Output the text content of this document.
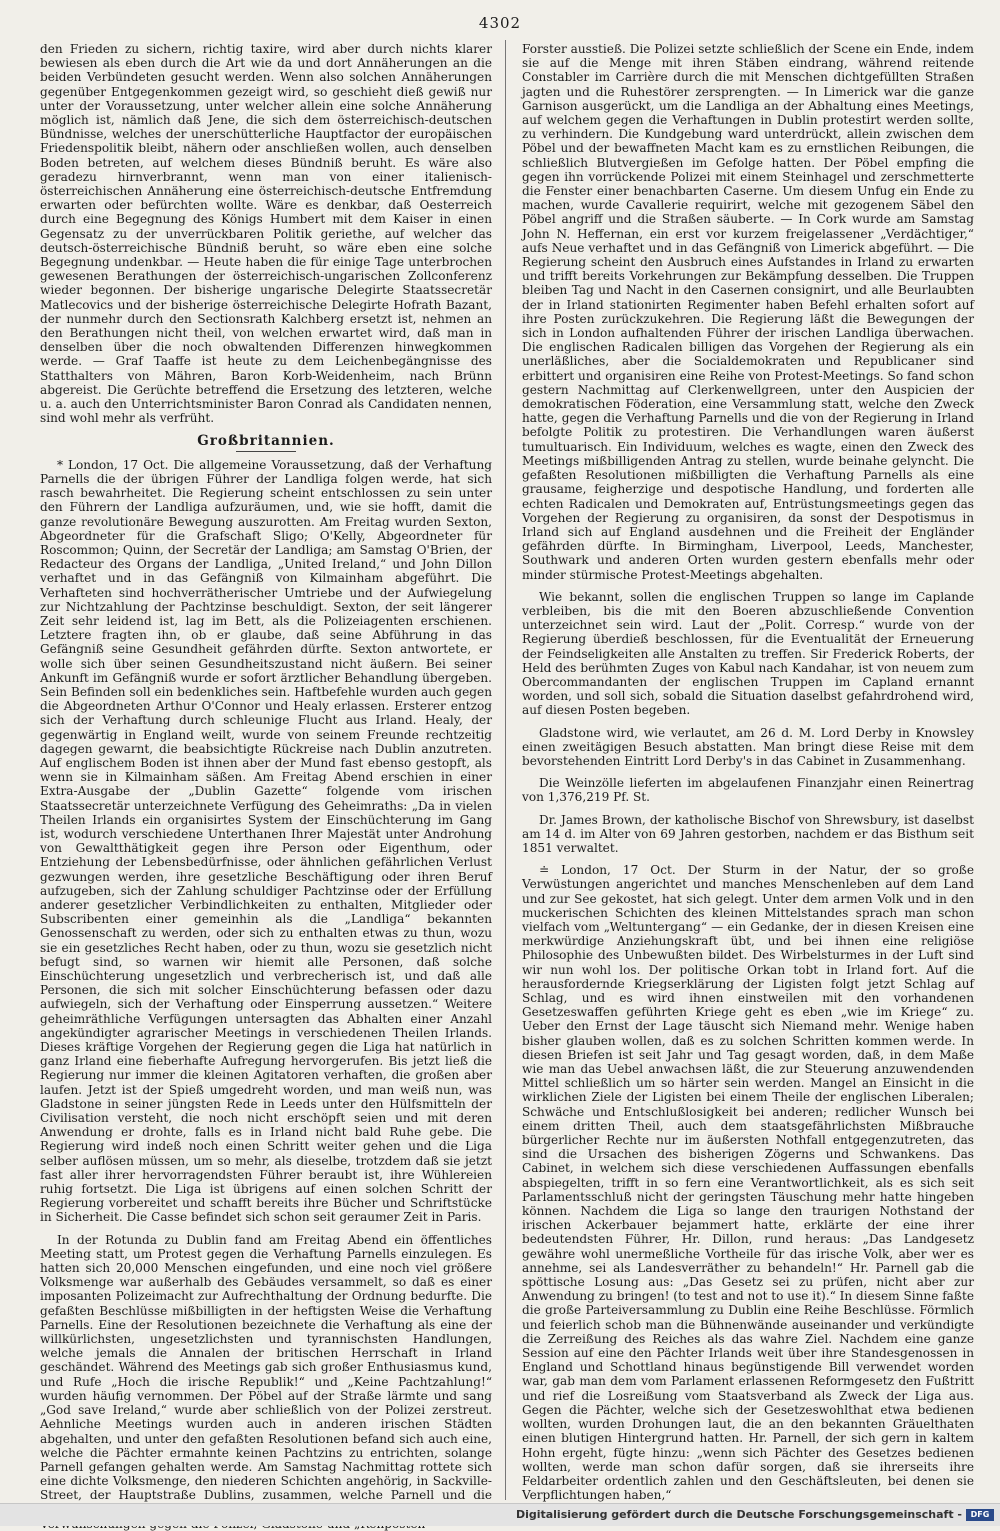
4302

den Frieden zu sichern, richtig taxire, wird aber durch nichts klarer bewiesen als eben durch die Art wie da und dort Annäherungen an die beiden Verbündeten gesucht werden. Wenn also solchen Annäherungen gegenüber Entgegenkommen gezeigt wird, so geschieht dieß gewiß nur unter der Voraussetzung, unter welcher allein eine solche Annäherung möglich ist, nämlich daß Jene, die sich dem österreichisch-deutschen Bündnisse, welches der unerschütterliche Hauptfactor der europäischen Friedenspolitik bleibt, nähern oder anschließen wollen, auch denselben Boden betreten, auf welchem dieses Bündniß beruht. Es wäre also geradezu hirnverbrannt, wenn man von einer italienisch-österreichischen Annäherung eine österreichisch-deutsche Entfremdung erwarten oder befürchten wollte. Wäre es denkbar, daß Oesterreich durch eine Begegnung des Königs Humbert mit dem Kaiser in einen Gegensatz zu der unverrückbaren Politik geriethe, auf welcher das deutsch-österreichische Bündniß beruht, so wäre eben eine solche Begegnung undenkbar. — Heute haben die für einige Tage unterbrochen gewesenen Berathungen der österreichisch-ungarischen Zollconferenz wieder begonnen. Der bisherige ungarische Delegirte Staatssecretär Matlecovics und der bisherige österreichische Delegirte Hofrath Bazant, der nunmehr durch den Sectionsrath Kalchberg ersetzt ist, nehmen an den Berathungen nicht theil, von welchen erwartet wird, daß man in denselben über die noch obwaltenden Differenzen hinwegkommen werde. — Graf Taaffe ist heute zu dem Leichenbegängnisse des Statthalters von Mähren, Baron Korb-Weidenheim, nach Brünn abgereist. Die Gerüchte betreffend die Ersetzung des letzteren, welche u. a. auch den Unterrichtsminister Baron Conrad als Candidaten nennen, sind wohl mehr als verfrüht.

Großbritannien.

* London, 17 Oct. Die allgemeine Voraussetzung, daß der Verhaftung Parnells die der übrigen Führer der Landliga folgen werde, hat sich rasch bewahrheitet. Die Regierung scheint entschlossen zu sein unter den Führern der Landliga aufzuräumen, und, wie sie hofft, damit die ganze revolutionäre Bewegung auszurotten. Am Freitag wurden Sexton, Abgeordneter für die Grafschaft Sligo; O'Kelly, Abgeordneter für Roscommon; Quinn, der Secretär der Landliga; am Samstag O'Brien, der Redacteur des Organs der Landliga, „United Ireland,“ und John Dillon verhaftet und in das Gefängniß von Kilmainham abgeführt. Die Verhafteten sind hochverrätherischer Umtriebe und der Aufwiegelung zur Nichtzahlung der Pachtzinse beschuldigt. Sexton, der seit längerer Zeit sehr leidend ist, lag im Bett, als die Polizeiagenten erschienen. Letztere fragten ihn, ob er glaube, daß seine Abführung in das Gefängniß seine Gesundheit gefährden dürfte. Sexton antwortete, er wolle sich über seinen Gesundheitszustand nicht äußern. Bei seiner Ankunft im Gefängniß wurde er sofort ärztlicher Behandlung übergeben. Sein Befinden soll ein bedenkliches sein. Haftbefehle wurden auch gegen die Abgeordneten Arthur O'Connor und Healy erlassen. Ersterer entzog sich der Verhaftung durch schleunige Flucht aus Irland. Healy, der gegenwärtig in England weilt, wurde von seinem Freunde rechtzeitig dagegen gewarnt, die beabsichtigte Rückreise nach Dublin anzutreten. Auf englischem Boden ist ihnen aber der Mund fast ebenso gestopft, als wenn sie in Kilmainham säßen. Am Freitag Abend erschien in einer Extra-Ausgabe der „Dublin Gazette“ folgende vom irischen Staatssecretär unterzeichnete Verfügung des Geheimraths: „Da in vielen Theilen Irlands ein organisirtes System der Einschüchterung im Gang ist, wodurch verschiedene Unterthanen Ihrer Majestät unter Androhung von Gewaltthätigkeit gegen ihre Person oder Eigenthum, oder Entziehung der Lebensbedürfnisse, oder ähnlichen gefährlichen Verlust gezwungen werden, ihre gesetzliche Beschäftigung oder ihren Beruf aufzugeben, sich der Zahlung schuldiger Pachtzinse oder der Erfüllung anderer gesetzlicher Verbindlichkeiten zu enthalten, Mitglieder oder Subscribenten einer gemeinhin als die „Landliga“ bekannten Genossenschaft zu werden, oder sich zu enthalten etwas zu thun, wozu sie ein gesetzliches Recht haben, oder zu thun, wozu sie gesetzlich nicht befugt sind, so warnen wir hiemit alle Personen, daß solche Einschüchterung ungesetzlich und verbrecherisch ist, und daß alle Personen, die sich mit solcher Einschüchterung befassen oder dazu aufwiegeln, sich der Verhaftung oder Einsperrung aussetzen.“ Weitere geheimräthliche Verfügungen untersagten das Abhalten einer Anzahl angekündigter agrarischer Meetings in verschiedenen Theilen Irlands. Dieses kräftige Vorgehen der Regierung gegen die Liga hat natürlich in ganz Irland eine fieberhafte Aufregung hervorgerufen. Bis jetzt ließ die Regierung nur immer die kleinen Agitatoren verhaften, die großen aber laufen. Jetzt ist der Spieß umgedreht worden, und man weiß nun, was Gladstone in seiner jüngsten Rede in Leeds unter den Hülfsmitteln der Civilisation versteht, die noch nicht erschöpft seien und mit deren Anwendung er drohte, falls es in Irland nicht bald Ruhe gebe. Die Regierung wird indeß noch einen Schritt weiter gehen und die Liga selber auflösen müssen, um so mehr, als dieselbe, trotzdem daß sie jetzt fast aller ihrer hervorragendsten Führer beraubt ist, ihre Wühlereien ruhig fortsetzt. Die Liga ist übrigens auf einen solchen Schritt der Regierung vorbereitet und schafft bereits ihre Bücher und Schriftstücke in Sicherheit. Die Casse befindet sich schon seit geraumer Zeit in Paris.

In der Rotunda zu Dublin fand am Freitag Abend ein öffentliches Meeting statt, um Protest gegen die Verhaftung Parnells einzulegen. Es hatten sich 20,000 Menschen eingefunden, und eine noch viel größere Volksmenge war außerhalb des Gebäudes versammelt, so daß es einer imposanten Polizeimacht zur Aufrechthaltung der Ordnung bedurfte. Die gefaßten Beschlüsse mißbilligten in der heftigsten Weise die Verhaftung Parnells. Eine der Resolutionen bezeichnete die Verhaftung als eine der willkürlichsten, ungesetzlichsten und tyrannischsten Handlungen, welche jemals die Annalen der britischen Herrschaft in Irland geschändet. Während des Meetings gab sich großer Enthusiasmus kund, und Rufe „Hoch die irische Republik!“ und „Keine Pachtzahlung!“ wurden häufig vernommen. Der Pöbel auf der Straße lärmte und sang „God save Ireland,“ wurde aber schließlich von der Polizei zerstreut. Aehnliche Meetings wurden auch in anderen irischen Städten abgehalten, und unter den gefaßten Resolutionen befand sich auch eine, welche die Pächter ermahnte keinen Pachtzins zu entrichten, solange Parnell gefangen gehalten werde. Am Samstag Nachmittag rottete sich eine dichte Volksmenge, den niederen Schichten angehörig, in Sackville-Street, der Hauptstraße Dublins, zusammen, welche Parnell und die

Forster ausstieß. Die Polizei setzte schließlich der Scene ein Ende, indem sie auf die Menge mit ihren Stäben eindrang, während reitende Constabler im Carrière durch die mit Menschen dichtgefüllten Straßen jagten und die Ruhestörer zersprengten. — In Limerick war die ganze Garnison ausgerückt, um die Landliga an der Abhaltung eines Meetings, auf welchem gegen die Verhaftungen in Dublin protestirt werden sollte, zu verhindern. Die Kundgebung ward unterdrückt, allein zwischen dem Pöbel und der bewaffneten Macht kam es zu ernstlichen Reibungen, die schließlich Blutvergießen im Gefolge hatten. Der Pöbel empfing die gegen ihn vorrückende Polizei mit einem Steinhagel und zerschmetterte die Fenster einer benachbarten Caserne. Um diesem Unfug ein Ende zu machen, wurde Cavallerie requirirt, welche mit gezogenem Säbel den Pöbel angriff und die Straßen säuberte. — In Cork wurde am Samstag John N. Heffernan, ein erst vor kurzem freigelassener „Verdächtiger,“ aufs Neue verhaftet und in das Gefängniß von Limerick abgeführt. — Die Regierung scheint den Ausbruch eines Aufstandes in Irland zu erwarten und trifft bereits Vorkehrungen zur Bekämpfung desselben. Die Truppen bleiben Tag und Nacht in den Casernen consignirt, und alle Beurlaubten der in Irland stationirten Regimenter haben Befehl erhalten sofort auf ihre Posten zurückzukehren. Die Regierung läßt die Bewegungen der sich in London aufhaltenden Führer der irischen Landliga überwachen. Die englischen Radicalen billigen das Vorgehen der Regierung als ein unerläßliches, aber die Socialdemokraten und Republicaner sind erbittert und organisiren eine Reihe von Protest-Meetings. So fand schon gestern Nachmittag auf Clerkenwellgreen, unter den Auspicien der demokratischen Föderation, eine Versammlung statt, welche den Zweck hatte, gegen die Verhaftung Parnells und die von der Regierung in Irland befolgte Politik zu protestiren. Die Verhandlungen waren äußerst tumultuarisch. Ein Individuum, welches es wagte, einen den Zweck des Meetings mißbilligenden Antrag zu stellen, wurde beinahe gelyncht. Die gefaßten Resolutionen mißbilligten die Verhaftung Parnells als eine grausame, feigherzige und despotische Handlung, und forderten alle echten Radicalen und Demokraten auf, Entrüstungsmeetings gegen das Vorgehen der Regierung zu organisiren, da sonst der Despotismus in Irland sich auf England ausdehnen und die Freiheit der Engländer gefährden dürfte. In Birmingham, Liverpool, Leeds, Manchester, Southwark und anderen Orten wurden gestern ebenfalls mehr oder minder stürmische Protest-Meetings abgehalten.

Wie bekannt, sollen die englischen Truppen so lange im Caplande verbleiben, bis die mit den Boeren abzuschließende Convention unterzeichnet sein wird. Laut der „Polit. Corresp.“ wurde von der Regierung überdieß beschlossen, für die Eventualität der Erneuerung der Feindseligkeiten alle Anstalten zu treffen. Sir Frederick Roberts, der Held des berühmten Zuges von Kabul nach Kandahar, ist von neuem zum Obercommandanten der englischen Truppen im Capland ernannt worden, und soll sich, sobald die Situation daselbst gefahrdrohend wird, auf diesen Posten begeben.

Gladstone wird, wie verlautet, am 26 d. M. Lord Derby in Knowsley einen zweitägigen Besuch abstatten. Man bringt diese Reise mit dem bevorstehenden Eintritt Lord Derby's in das Cabinet in Zusammenhang.

Die Weinzölle lieferten im abgelaufenen Finanzjahr einen Reinertrag von 1,376,219 Pf. St.

Dr. James Brown, der katholische Bischof von Shrewsbury, ist daselbst am 14 d. im Alter von 69 Jahren gestorben, nachdem er das Bisthum seit 1851 verwaltet.

≐ London, 17 Oct. Der Sturm in der Natur, der so große Verwüstungen angerichtet und manches Menschenleben auf dem Land und zur See gekostet, hat sich gelegt. Unter dem armen Volk und in den muckerischen Schichten des kleinen Mittelstandes sprach man schon vielfach vom „Weltuntergang“ — ein Gedanke, der in diesen Kreisen eine merkwürdige Anziehungskraft übt, und bei ihnen eine religiöse Philosophie des Unbewußten bildet. Des Wirbelsturmes in der Luft sind wir nun wohl los. Der politische Orkan tobt in Irland fort. Auf die herausfordernde Kriegserklärung der Ligisten folgt jetzt Schlag auf Schlag, und es wird ihnen einstweilen mit den vorhandenen Gesetzeswaffen geführten Kriege geht es eben „wie im Kriege“ zu. Ueber den Ernst der Lage täuscht sich Niemand mehr. Wenige haben bisher glauben wollen, daß es zu solchen Schritten kommen werde. In diesen Briefen ist seit Jahr und Tag gesagt worden, daß, in dem Maße wie man das Uebel anwachsen läßt, die zur Steuerung anzuwendenden Mittel schließlich um so härter sein werden. Mangel an Einsicht in die wirklichen Ziele der Ligisten bei einem Theile der englischen Liberalen; Schwäche und Entschlußlosigkeit bei anderen; redlicher Wunsch bei einem dritten Theil, auch dem staatsgefährlichsten Mißbrauche bürgerlicher Rechte nur im äußersten Nothfall entgegenzutreten, das sind die Ursachen des bisherigen Zögerns und Schwankens. Das Cabinet, in welchem sich diese verschiedenen Auffassungen ebenfalls abspiegelten, trifft in so fern eine Verantwortlichkeit, als es sich seit Parlamentsschluß nicht der geringsten Täuschung mehr hatte hingeben können. Nachdem die Liga so lange den traurigen Nothstand der irischen Ackerbauer bejammert hatte, erklärte der eine ihrer bedeutendsten Führer, Hr. Dillon, rund heraus: „Das Landgesetz gewähre wohl unermeßliche Vortheile für das irische Volk, aber wer es annehme, sei als Landesverräther zu behandeln!“ Hr. Parnell gab die spöttische Losung aus: „Das Gesetz sei zu prüfen, nicht aber zur Anwendung zu bringen! (to test and not to use it).“ In diesem Sinne faßte die große Parteiversammlung zu Dublin eine Reihe Beschlüsse. Förmlich und feierlich schob man die Bühnenwände auseinander und verkündigte die Zerreißung des Reiches als das wahre Ziel. Nachdem eine ganze Session auf eine den Pächter Irlands weit über ihre Standesgenossen in England und Schottland hinaus begünstigende Bill verwendet worden war, gab man dem vom Parlament erlassenen Reformgesetz den Fußtritt und rief die Losreißung vom Staatsverband als Zweck der Liga aus. Gegen die Pächter, welche sich der Gesetzeswohlthat etwa bedienen wollten, wurden Drohungen laut, die an den bekannten Gräuelthaten einen blutigen Hintergrund hatten. Hr. Parnell, der sich gern in kaltem Hohn ergeht, fügte hinzu: „wenn sich Pächter des Gesetzes bedienen wollten, werde man schon dafür sorgen, daß sie ihrerseits ihre Feldarbeiter ordentlich zahlen und den Geschäftsleuten, bei denen sie Verpflichtungen haben,“

Digitalisierung gefördert durch die Deutsche Forschungsgemeinschaft -	DFG
